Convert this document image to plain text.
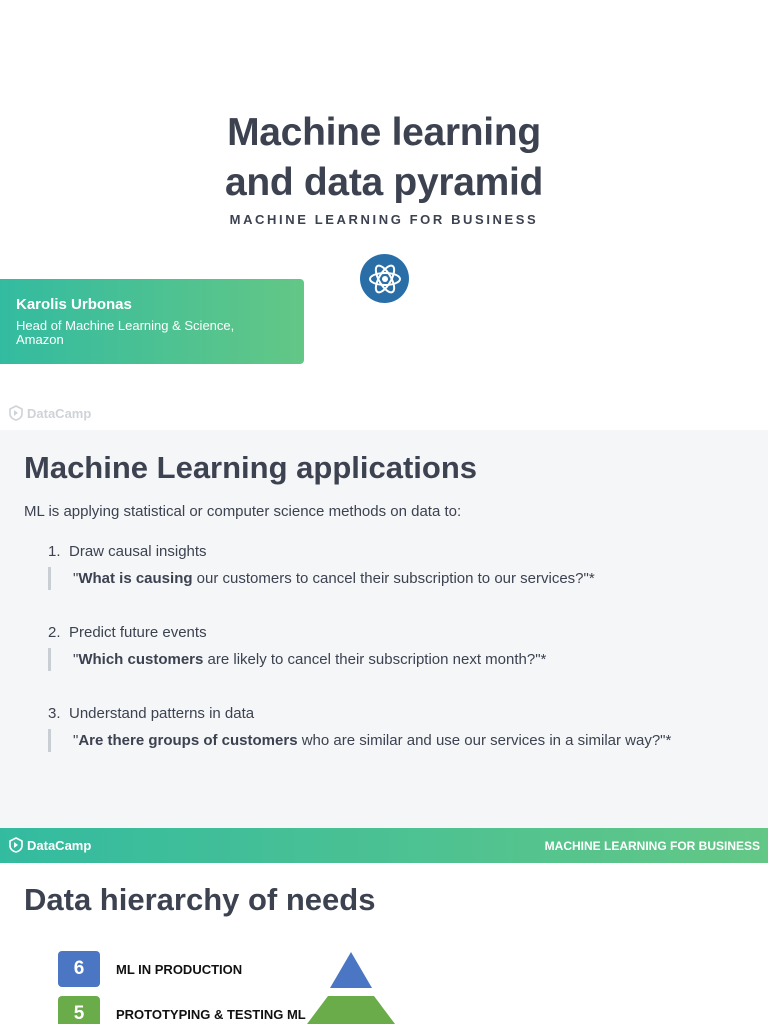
Machine learning
and data pyramid
MACHINE LEARNING FOR BUSINESS
Karolis Urbonas
Head of Machine Learning & Science, Amazon
DataCamp
Machine Learning applications

ML is applying statistical or computer science methods on data to:

1. Draw causal insights
"What is causing our customers to cancel their subscription to our services?"*
2. Predict future events
"Which customers are likely to cancel their subscription next month?"*
3. Understand patterns in data
"Are there groups of customers who are similar and use our services in a similar way?"*
DataCamp	MACHINE LEARNING FOR BUSINESS
Data hierarchy of needs
6	ML IN PRODUCTION
5	PROTOTYPING & TESTING ML
